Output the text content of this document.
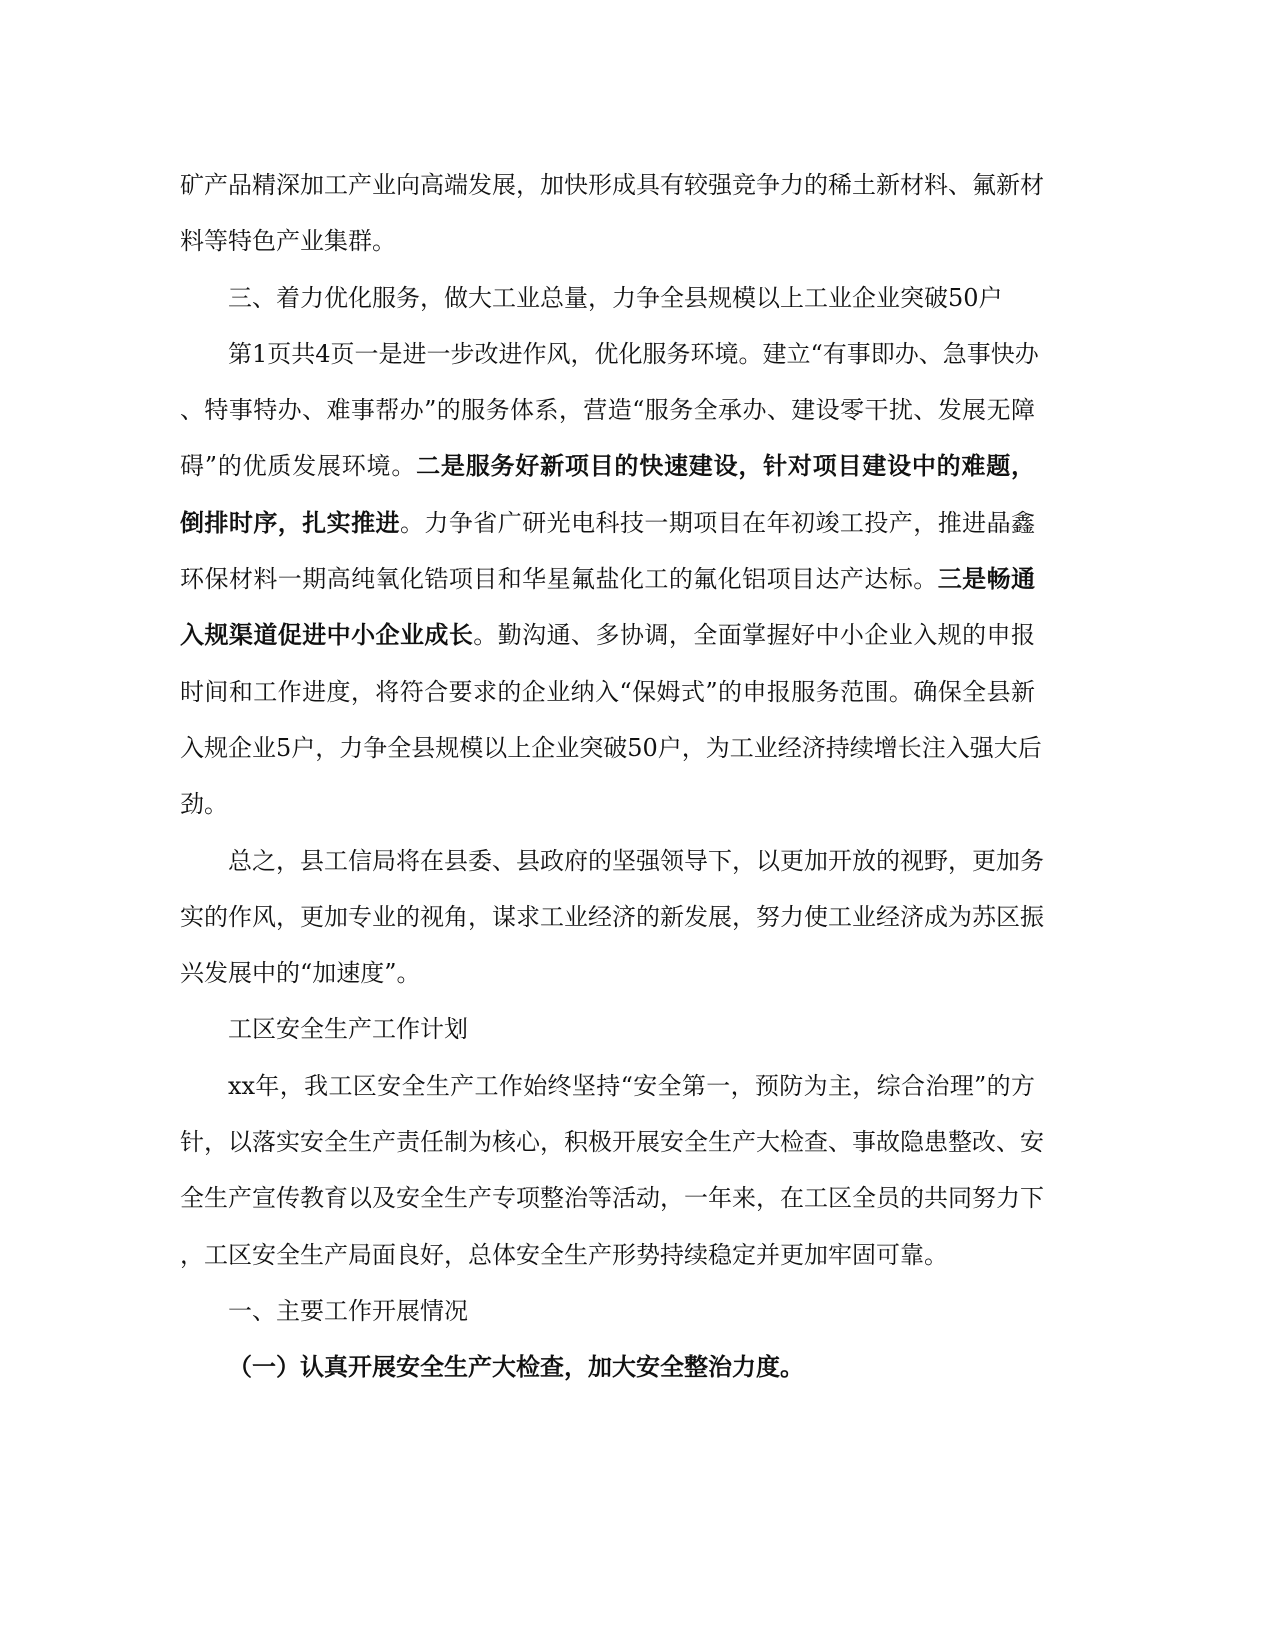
矿产品精深加工产业向高端发展，加快形成具有较强竞争力的稀土新材料、氟新材
料等特色产业集群。
三、着力优化服务，做大工业总量，力争全县规模以上工业企业突破50户
第1页共4页一是进一步改进作风，优化服务环境。建立“有事即办、急事快办
、特事特办、难事帮办”的服务体系，营造“服务全承办、建设零干扰、发展无障
碍”的优质发展环境。二是服务好新项目的快速建设，针对项目建设中的难题，
倒排时序，扎实推进。力争省广研光电科技一期项目在年初竣工投产，推进晶鑫
环保材料一期高纯氧化锆项目和华星氟盐化工的氟化铝项目达产达标。三是畅通
入规渠道促进中小企业成长。勤沟通、多协调，全面掌握好中小企业入规的申报
时间和工作进度，将符合要求的企业纳入“保姆式”的申报服务范围。确保全县新
入规企业5户，力争全县规模以上企业突破50户，为工业经济持续增长注入强大后
劲。
总之，县工信局将在县委、县政府的坚强领导下，以更加开放的视野，更加务
实的作风，更加专业的视角，谋求工业经济的新发展，努力使工业经济成为苏区振
兴发展中的“加速度”。
工区安全生产工作计划
xx年，我工区安全生产工作始终坚持“安全第一，预防为主，综合治理”的方
针，以落实安全生产责任制为核心，积极开展安全生产大检查、事故隐患整改、安
全生产宣传教育以及安全生产专项整治等活动，一年来，在工区全员的共同努力下
，工区安全生产局面良好，总体安全生产形势持续稳定并更加牢固可靠。
一、主要工作开展情况
（一）认真开展安全生产大检查，加大安全整治力度。
